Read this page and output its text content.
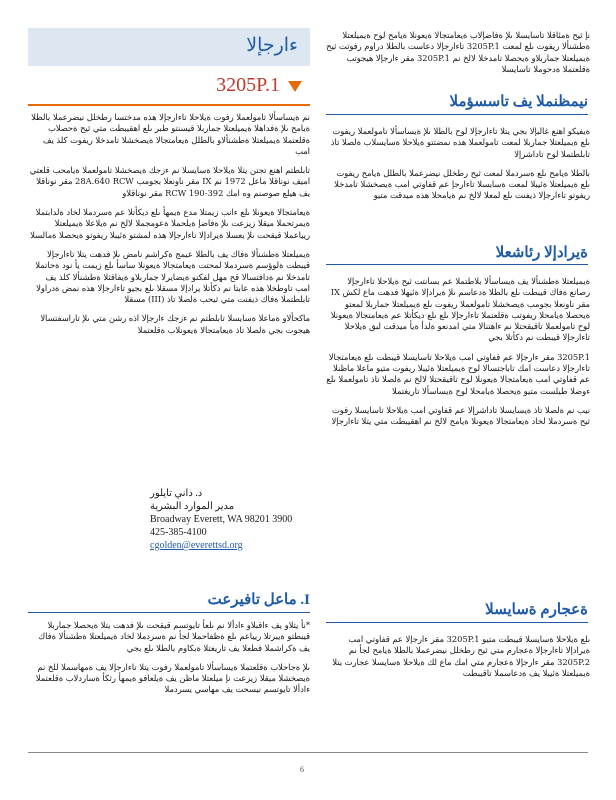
نإ ثيح ةمئاقلا تاسايسلا ىلإ ةفاضإلاب ةيعامتجالا ةيعونلا ةيامح لوح ةيميلعتلا ةطشنألا ريفوت ىلع لمعت 3205P.1 تاءارجإلا دعاست بالطلا دراوم رفوتت ثيح ةيميلعتلا جماربلاو ةيحصلا تامدخلا لالخ نم 3205P.1 مقر ءارجإلا هيجوتب ةقلعتملا ةدحوملا تاسايسلا

نيمظنملا يف تاسسؤملا

ةيفيكو اهنع غالبإلا بجي يتلا تاءارجإلا لوح بالطلا ىلإ ةيساسألا تامولعملا ريفوت ىلع ةيميلعتلا جماربلا لمعت تامولعملا هذه نمضتتو ةيلاحلا ةسايسلاب ةلصلا تاذ تابلطتملا لوح تاداشرإلا

بالطلا ةيامح ىلع ةسردملا لمعت ثيح رطخلل نيضرعملا بالطلل ةيامح ريفوت ىلع ةيميلعتلا ةئيبلا لمعت ةسايسلا تاءارجإ عم قفاوتي امب ةيصخشلا تامدخلا ريفوتو تاءارجإلا ذيفنت ىلع لمعلا لالخ نم ةيامحلا هذه ميدقت متيو

ةيرادإلا رئاشعلا

ةيميلعتلا ةطشنألا يف ةيساسألا بلاطتملا عم بسانتت ثيح ةيلاحلا تاءارجإلا رصانع ةفاك قيبطت ىلع بالطلا ةدعاسم ىلإ ةيرادإلا ةئيهلا فدهت ماع لكش IX مقر ناونعلا بجومب ةيصخشلا تامولعملا ريفوت ىلع ةيميلعتلا جماربلا لمعتو ةيحصلا ةيامحلا ريفوتب ةقلعتملا تاءارجإلا ىلع ىلع ديكأتلا عم ةيعامتجالا ةيعونلا لوح تامولعملا تاقيقحتلا نم ءاهتنالا متي امدنعو ةلدأ ةيأ ميدقت لبق ةيلاحلا تاءارجإلا قيبطت نم دكأتلا بجي

3205P.1 مقر ءارجإلا عم قفاوتي امب ةيلاحلا تاسايسلا قيبطت ىلع ةيعامتجالا تاءارجإلا دعاست امك تاباجتسالا لوح ةيميلعتلا ةئيبلا ريفوت متيو ماعلا ماظنلا عم قفاوتي امب ةيعامتجالا ةيعونلا لوح تاقيقحتلا لالخ نم ةلصلا تاذ تامولعملا ىلع ءوضلا طيلست متيو ةيحصلا ةيامحلا لوح ةيساسألا تاريغتملا

نيب نم ةلصلا تاذ ةيسايسلا تاداشرإلا عم قفاوتي امب ةيلاحلا تاسايسلا رفوت ثيح ةسردملا لخاد ةيعامتجالا ةيعونلا ةيامح لالخ نم اهقيبطت متي يتلا تاءارجإلا

ةعجارم ةسايسلا

ىلع ةيلاحلا ةسايسلا قيبطت متيو 3205P.1 مقر ءارجإلا عم قفاوتي امب ةيرادإلا تاءارجإلا ةعجارم متي ثيح رطخلل نيضرعملا بالطلا ةيامح لجأ نم 3205P.2 مقر ءارجإلا ةعجارم متي امك ماع لك ةيلاحلا ةسايسلا عجارت يتلا ةيميلعتلا ةئيبلا يف ةدعاسملا تاقيبطت

ءارجإلا
3205P.1

نم ةيساسألا تامولعملا رفوت ةيلاحلا تاءارجإلا هذه مدختسا رطخلل نيضرعملا بالطلا ةيامح ىلإ ةفداهلا ةيميلعتلا جماربلا قيسنتو طبر ىلع اهقيبطت متي ثيح ةحصلاب ةقلعتملا ةيميلعتلا ةطشنألاو بالطلل ةيعامتجالا ةيصخشلا تامدخلا ريفوت كلذ يف امب

تابلطتم اهنع تجتن يتلا ةيلاحلا ةسايسلا نم ءزجك ةيصخشلا تامولعملا ةيامحب قلعتي اميف نوناقلا ماعل 1972 نم IX مقر ناونعلا بجومب 28A.640 RCW مقر نوناقلا يف هيلع صوصنم وه امك 392-190 RCW مقر نوناقلاو

ةيعامتجالا ةيعونلا ىلع ءانب زيمتلا مدع ةيمهأ ىلع ديكأتلا عم ةسردملا لخاد ةلدابتملا ةيمرتحملا ميقلا زيزعت ىلإ ةفاضإ ةيلحملا ةعومجملا لالخ نم ةيلاعلا ةيميلعتلا ريياعملا قيقحت ىلإ يعسلا ةيرادإلا تاءارجإلا هذه لمشتو ةئيبلا ريفوتو ةيحصلا ةمالسلا

ةيميلعتلا ةطشنألا ةفاك يف بالطلا عيمج ةكراشم نامض ىلإ فدهت يتلا تاءارجإلا قيبطت ةلوؤسم ةسردملا لمحتت ةيعامتجالا ةيعونلا ساسأ ىلع زيمت يأ نود ةحاتملا تامدخلا نم ةدافتسالا قح مهل لفكتو ةيضايرلا جماربلاو ةيفاقثلا ةطشنألا كلذ يف امب تاوطخلا هذه عابتا نم دكأتلا يرادإلا مسقلا ىلع بجيو تاءارجإلا هذه نمض ةدراولا تابلطتملا ةفاك ذيفنت متي ثيحب ةلصلا تاذ (III) مسقلا

ماكحألاو ةماعلا ةسايسلا تابلطتم نم ءزجك ءارجإلا اذه رشن متي ىلإ تاراسفتسالا هيجوت بجي ةلصلا تاذ ةيعامتجالا ةيعونلاب ةقلعتملا

د. داني تايلور
مدير الموارد البشرية
Broadway Everett, WA 98201 3900
425-385-4100
cgolden@everettsd.org
I. ماعل تافيرعت

*نأ يتلاو يف ءاقبلاو ءادألا نم ىلعأ تايوتسم قيقحت ىلإ فدهت يتلا ةيحصلا جماربلا قيبطتو ةيبرتلا ريياعم ىلع ةظفاحملا لجأ نم ةسردملا لخاد ةيميلعتلا ةطشنألا ةفاك يف ةكراشملا فطعلا يف تاريغتلا ةبكاوم بالطلا ىلع بجي

ىلإ ةجاحلاب ةقلعتملا ةيساسألا تامولعملا رفوت يتلا تاءارجإلا يف ةمهاسملا للخ نم ةيصخشلا ميقلا زيزعت نإ ميلعتلا ماظن يف ةيلعافو ةيمهأ رثكأ ةساردلاب ةقلعتملا ءادألا تايوتسم نيسحت يف مهاسي يسردملا

6
